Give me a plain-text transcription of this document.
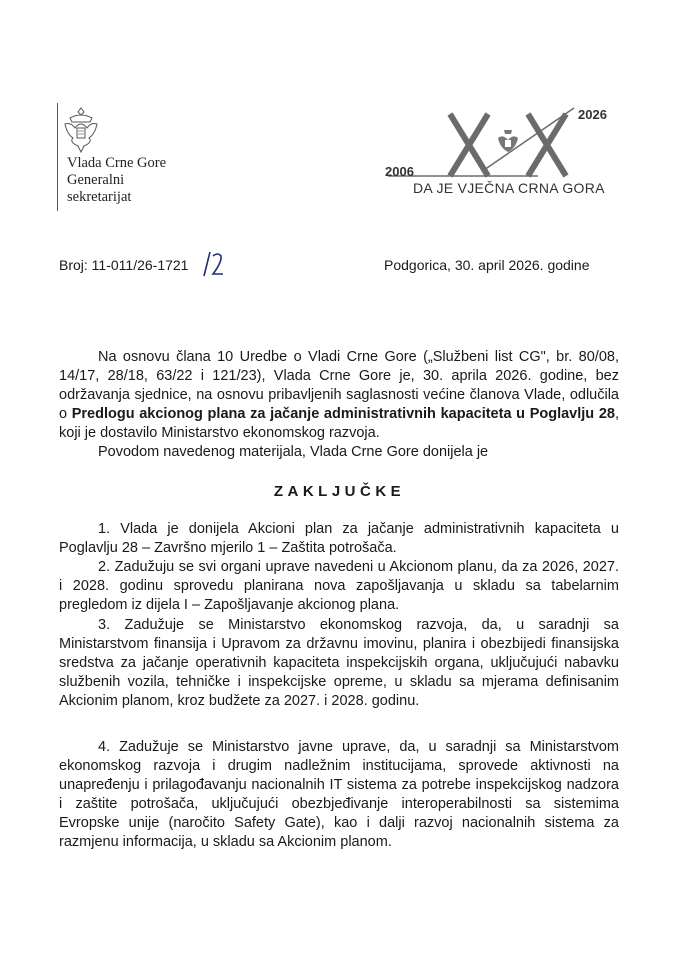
Vlada Crne Gore
Generalni
sekretarijat
2026
2006
DA JE VJEČNA CRNA GORA
Broj: 11-011/26-1721	Podgorica, 30. april 2026. godine

Na osnovu člana 10 Uredbe o Vladi Crne Gore („Službeni list CG", br. 80/08, 14/17, 28/18, 63/22 i 121/23), Vlada Crne Gore je, 30. aprila 2026. godine, bez održavanja sjednice, na osnovu pribavljenih saglasnosti većine članova Vlade, odlučila o Predlogu akcionog plana za jačanje administrativnih kapaciteta u Poglavlju 28, koji je dostavilo Ministarstvo ekonomskog razvoja.

Povodom navedenog materijala, Vlada Crne Gore donijela je

ZAKLJUČKE

1. Vlada je donijela Akcioni plan za jačanje administrativnih kapaciteta u Poglavlju 28 – Završno mjerilo 1 – Zaštita potrošača.

2. Zadužuju se svi organi uprave navedeni u Akcionom planu, da za 2026, 2027. i 2028. godinu sprovedu planirana nova zapošljavanja u skladu sa tabelarnim pregledom iz dijela I – Zapošljavanje akcionog plana.

3. Zadužuje se Ministarstvo ekonomskog razvoja, da, u saradnji sa Ministarstvom finansija i Upravom za državnu imovinu, planira i obezbijedi finansijska sredstva za jačanje operativnih kapaciteta inspekcijskih organa, uključujući nabavku službenih vozila, tehničke i inspekcijske opreme, u skladu sa mjerama definisanim Akcionim planom, kroz budžete za 2027. i 2028. godinu.

4. Zadužuje se Ministarstvo javne uprave, da, u saradnji sa Ministarstvom ekonomskog razvoja i drugim nadležnim institucijama, sprovede aktivnosti na unapređenju i prilagođavanju nacionalnih IT sistema za potrebe inspekcijskog nadzora i zaštite potrošača, uključujući obezbjeđivanje interoperabilnosti sa sistemima Evropske unije (naročito Safety Gate), kao i dalji razvoj nacionalnih sistema za razmjenu informacija, u skladu sa Akcionim planom.
